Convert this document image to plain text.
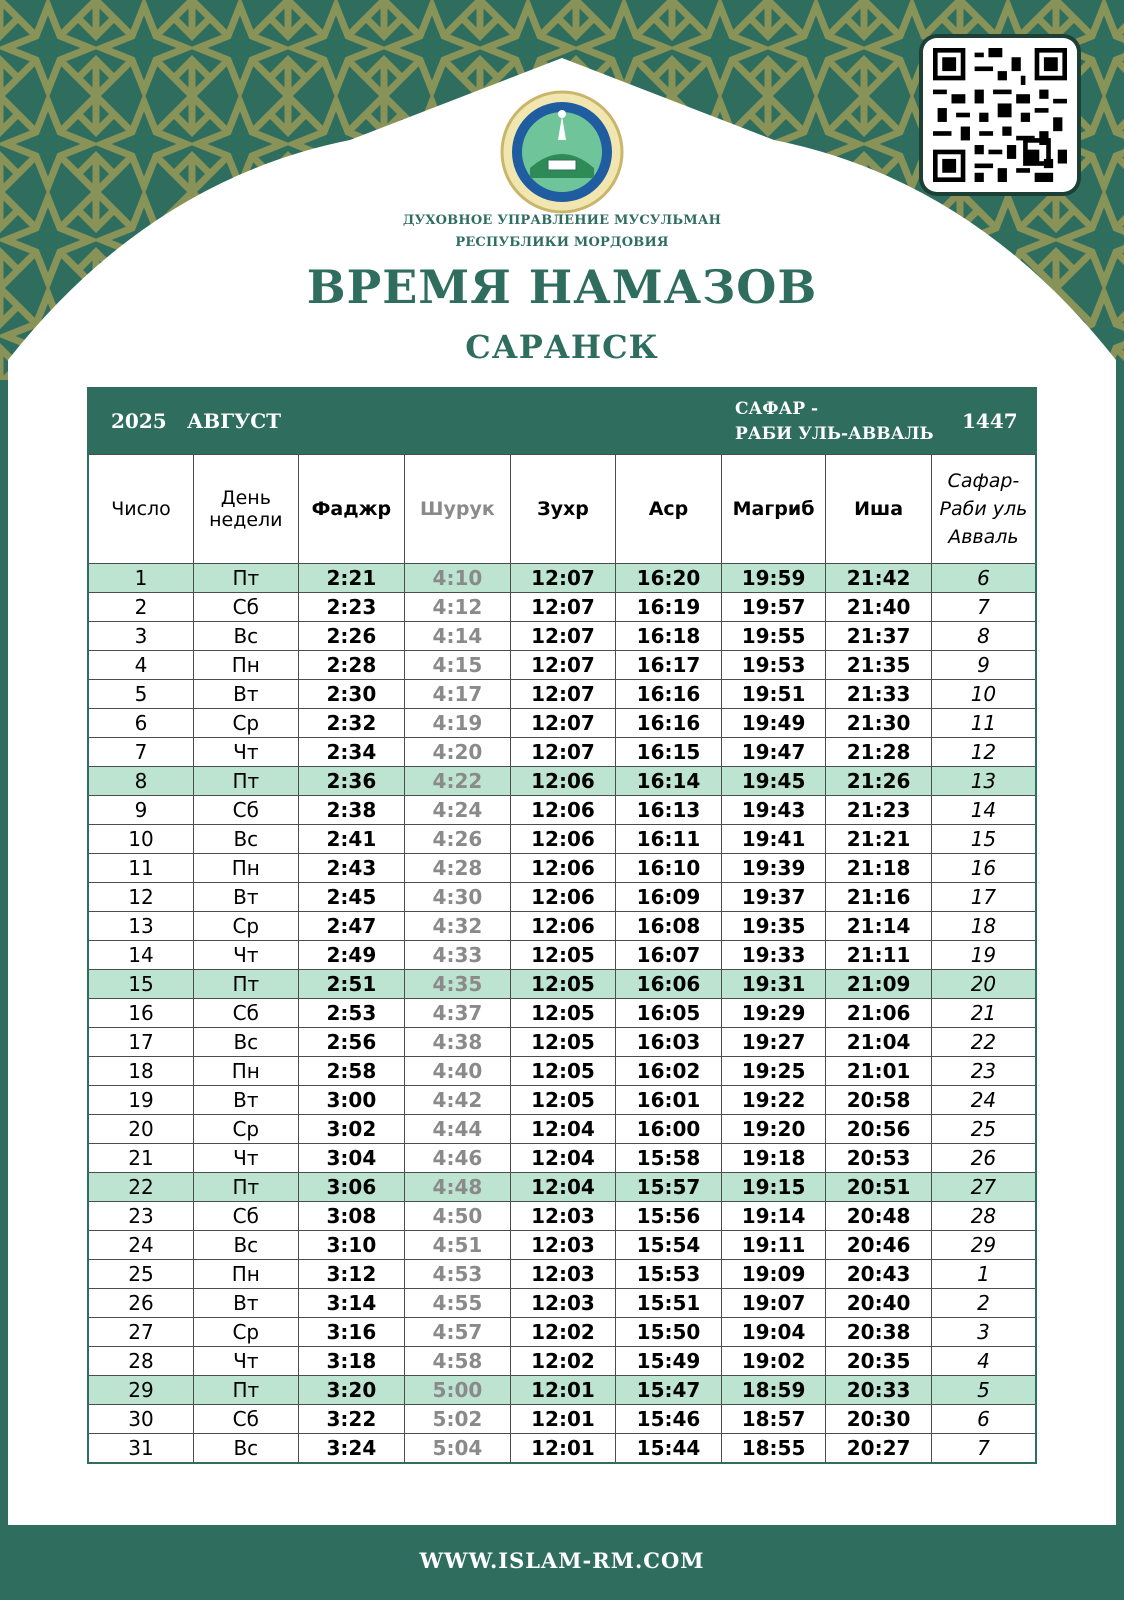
ДУХОВНОЕ УПРАВЛЕНИЕ МУСУЛЬМАН
РЕСПУБЛИКИ МОРДОВИЯ
ВРЕМЯ НАМАЗОВ
САРАНСК
2025 АВГУСТ	САФАР -
РАБИ УЛЬ-АВВАЛЬ
1447
Число	День
недели	Фаджр	Шурук	Зухр	Аср	Магриб	Иша	Сафар-
Раби уль
Авваль
1	Пт	2:21	4:10	12:07	16:20	19:59	21:42	6
2	Сб	2:23	4:12	12:07	16:19	19:57	21:40	7
3	Вс	2:26	4:14	12:07	16:18	19:55	21:37	8
4	Пн	2:28	4:15	12:07	16:17	19:53	21:35	9
5	Вт	2:30	4:17	12:07	16:16	19:51	21:33	10
6	Ср	2:32	4:19	12:07	16:16	19:49	21:30	11
7	Чт	2:34	4:20	12:07	16:15	19:47	21:28	12
8	Пт	2:36	4:22	12:06	16:14	19:45	21:26	13
9	Сб	2:38	4:24	12:06	16:13	19:43	21:23	14
10	Вс	2:41	4:26	12:06	16:11	19:41	21:21	15
11	Пн	2:43	4:28	12:06	16:10	19:39	21:18	16
12	Вт	2:45	4:30	12:06	16:09	19:37	21:16	17
13	Ср	2:47	4:32	12:06	16:08	19:35	21:14	18
14	Чт	2:49	4:33	12:05	16:07	19:33	21:11	19
15	Пт	2:51	4:35	12:05	16:06	19:31	21:09	20
16	Сб	2:53	4:37	12:05	16:05	19:29	21:06	21
17	Вс	2:56	4:38	12:05	16:03	19:27	21:04	22
18	Пн	2:58	4:40	12:05	16:02	19:25	21:01	23
19	Вт	3:00	4:42	12:05	16:01	19:22	20:58	24
20	Ср	3:02	4:44	12:04	16:00	19:20	20:56	25
21	Чт	3:04	4:46	12:04	15:58	19:18	20:53	26
22	Пт	3:06	4:48	12:04	15:57	19:15	20:51	27
23	Сб	3:08	4:50	12:03	15:56	19:14	20:48	28
24	Вс	3:10	4:51	12:03	15:54	19:11	20:46	29
25	Пн	3:12	4:53	12:03	15:53	19:09	20:43	1
26	Вт	3:14	4:55	12:03	15:51	19:07	20:40	2
27	Ср	3:16	4:57	12:02	15:50	19:04	20:38	3
28	Чт	3:18	4:58	12:02	15:49	19:02	20:35	4
29	Пт	3:20	5:00	12:01	15:47	18:59	20:33	5
30	Сб	3:22	5:02	12:01	15:46	18:57	20:30	6
31	Вс	3:24	5:04	12:01	15:44	18:55	20:27	7
WWW.ISLAM-RM.COM
